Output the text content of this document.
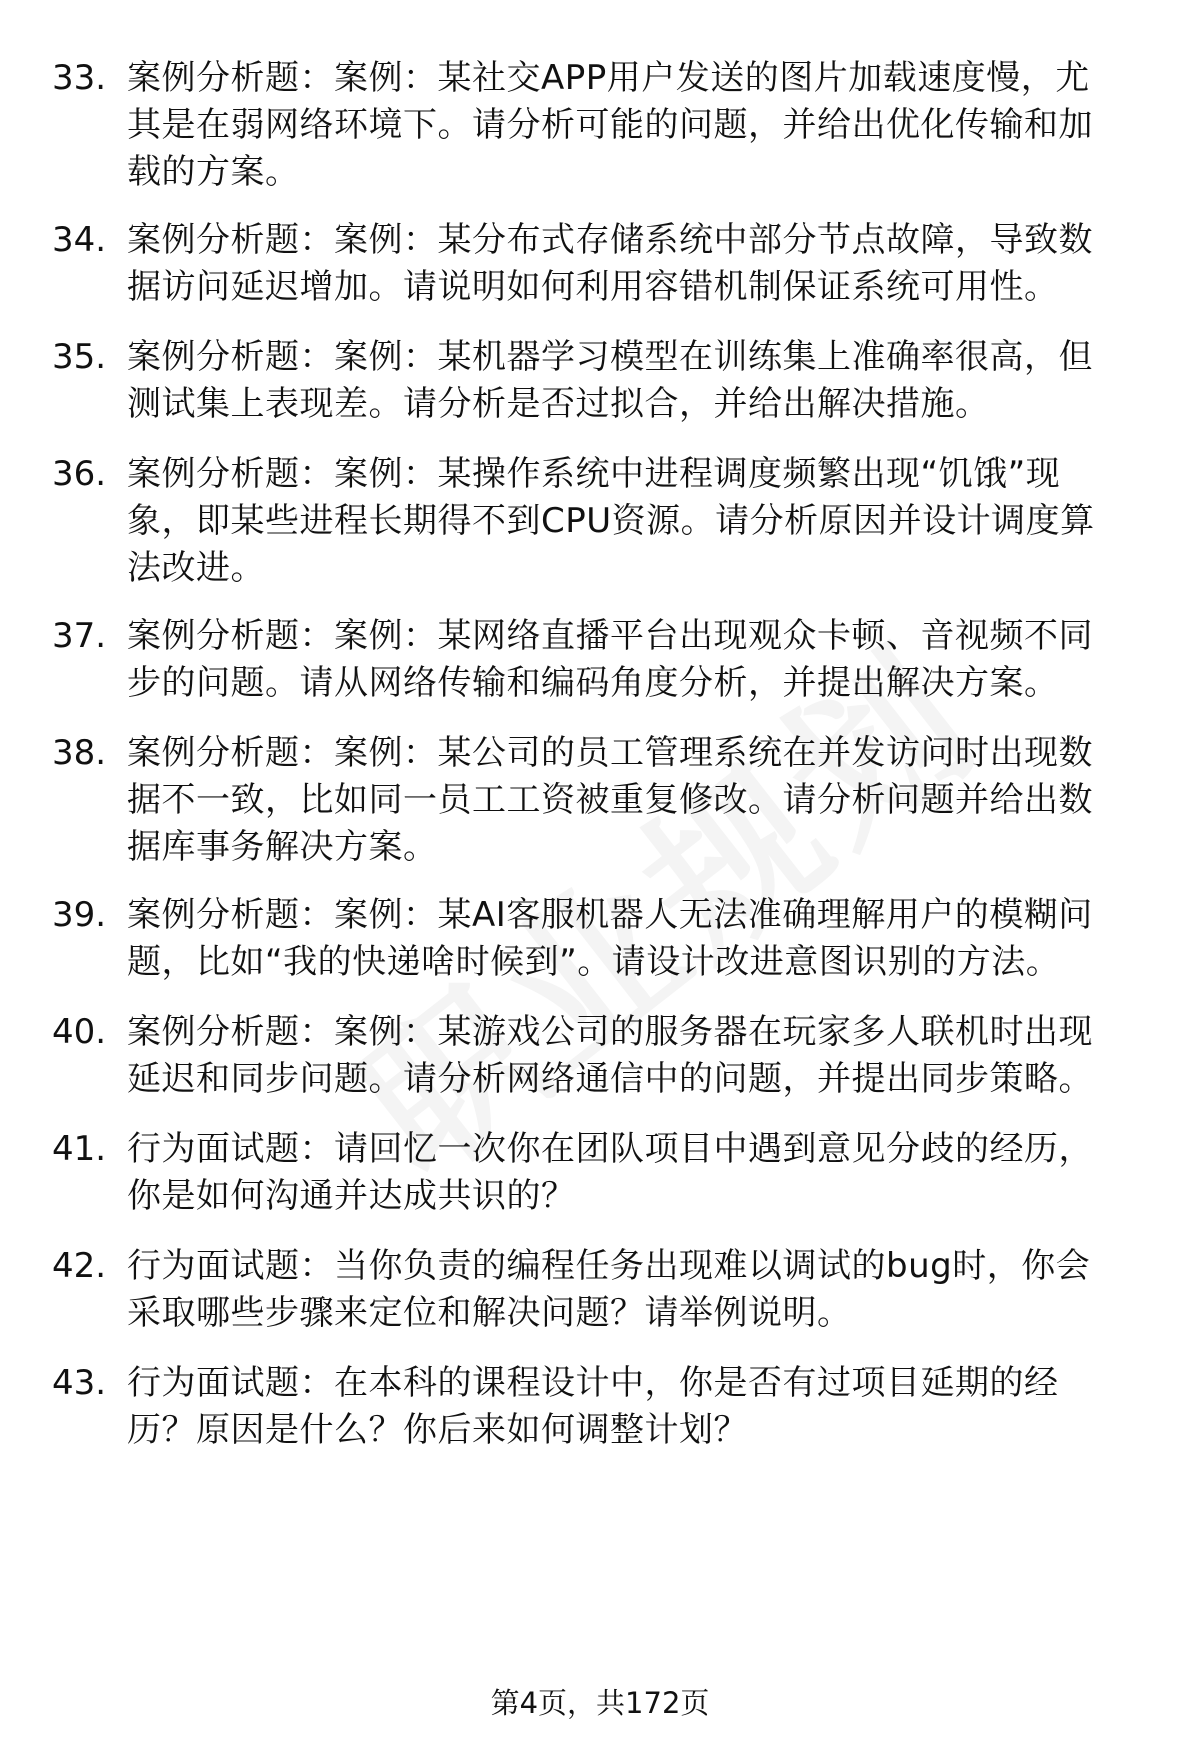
33. 案例分析题：案例：某社交APP用户发送的图片加载速度慢，尤
其是在弱网络环境下。请分析可能的问题，并给出优化传输和加
载的方案。
34. 案例分析题：案例：某分布式存储系统中部分节点故障，导致数
据访问延迟增加。请说明如何利用容错机制保证系统可用性。
35. 案例分析题：案例：某机器学习模型在训练集上准确率很高，但
测试集上表现差。请分析是否过拟合，并给出解决措施。
36. 案例分析题：案例：某操作系统中进程调度频繁出现“饥饿”现
象，即某些进程长期得不到CPU资源。请分析原因并设计调度算
法改进。
37. 案例分析题：案例：某网络直播平台出现观众卡顿、音视频不同
步的问题。请从网络传输和编码角度分析，并提出解决方案。
38. 案例分析题：案例：某公司的员工管理系统在并发访问时出现数
据不一致，比如同一员工工资被重复修改。请分析问题并给出数
据库事务解决方案。
39. 案例分析题：案例：某AI客服机器人无法准确理解用户的模糊问
题，比如“我的快递啥时候到”。请设计改进意图识别的方法。
40. 案例分析题：案例：某游戏公司的服务器在玩家多人联机时出现
延迟和同步问题。请分析网络通信中的问题，并提出同步策略。
41. 行为面试题：请回忆一次你在团队项目中遇到意见分歧的经历，
你是如何沟通并达成共识的？
42. 行为面试题：当你负责的编程任务出现难以调试的bug时，你会
采取哪些步骤来定位和解决问题？请举例说明。
43. 行为面试题：在本科的课程设计中，你是否有过项目延期的经
历？原因是什么？你后来如何调整计划？
第4页，共172页
